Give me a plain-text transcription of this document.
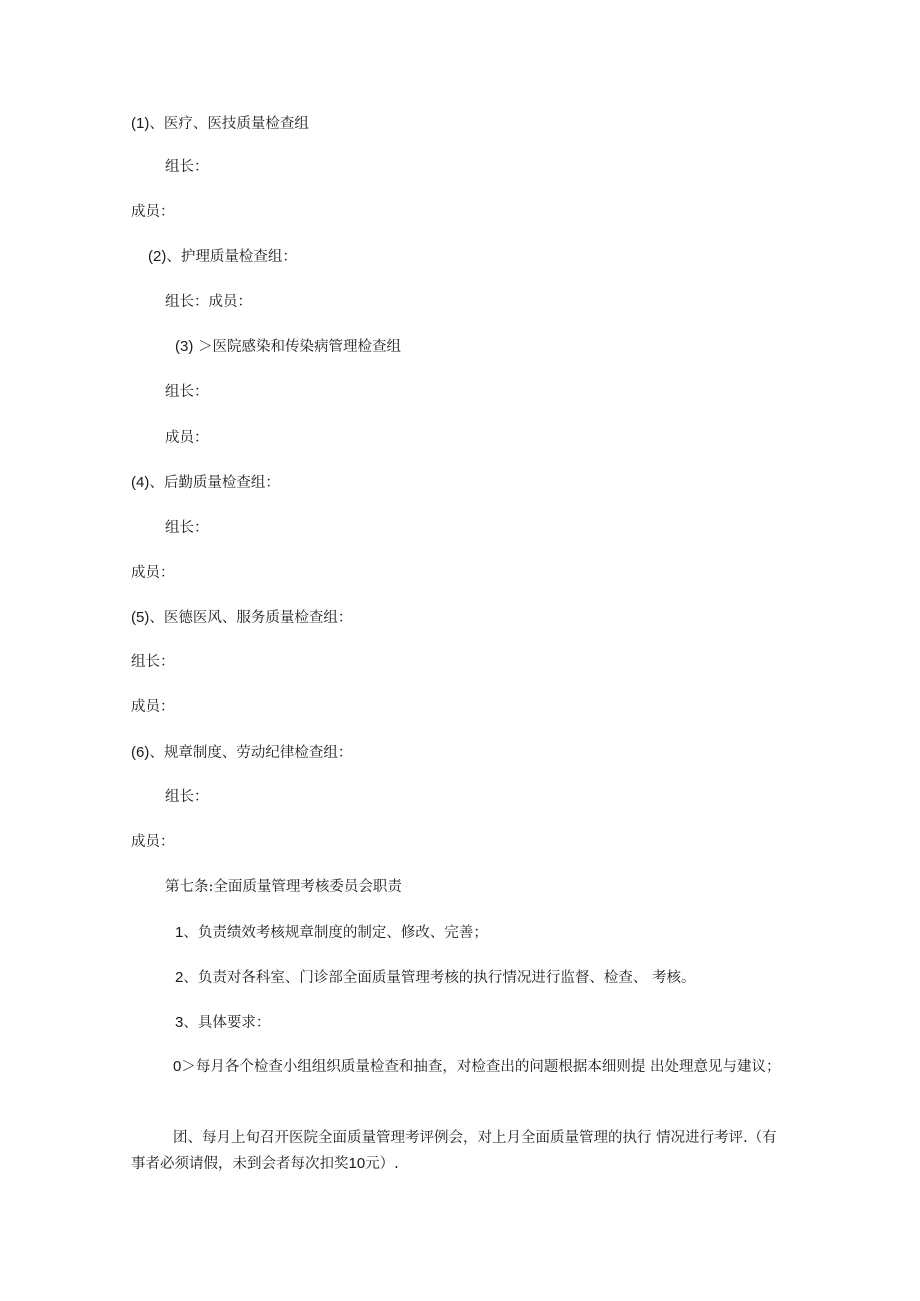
(1)、医疗、医技质量检查组

组长：

成员：

(2)、护理质量检查组：

组长：成员：

(3) ＞医院感染和传染病管理检查组

组长：

成员：

(4)、后勤质量检查组：

组长：

成员：

(5)、医德医风、服务质量检查组：

组长：

成员：

(6)、规章制度、劳动纪律检查组：

组长：

成员：

第七条:全面质量管理考核委员会职责

1、负责绩效考核规章制度的制定、修改、完善；

2、负责对各科室、门诊部全面质量管理考核的执行情况进行监督、检查、 考核。

3、具体要求：

0＞每月各个检查小组组织质量检查和抽查，对检查出的问题根据本细则提 出处理意见与建议；

团、每月上旬召开医院全面质量管理考评例会，对上月全面质量管理的执行 情况进行考评.（有事者必须请假，未到会者每次扣奖10元）.
